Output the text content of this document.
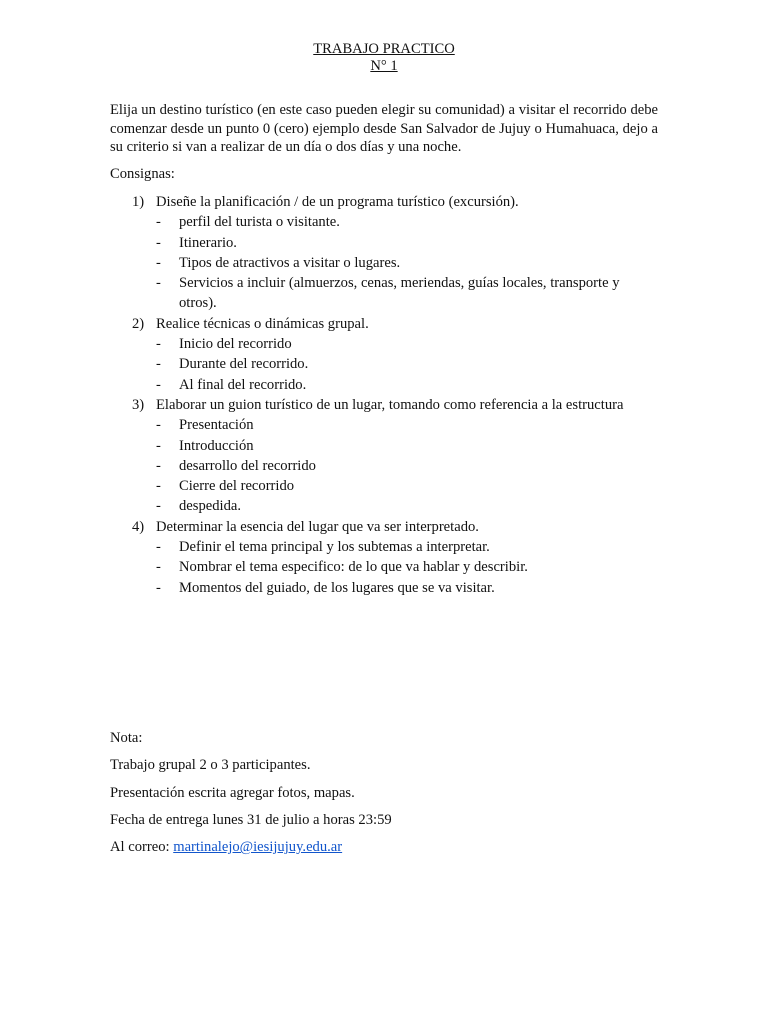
TRABAJO PRACTICO
N° 1
Elija un destino turístico (en este caso pueden elegir su comunidad) a visitar el recorrido debe comenzar desde un punto 0 (cero) ejemplo desde San Salvador de Jujuy o Humahuaca, dejo a su criterio si van a realizar de un día o dos días y una noche.
Consignas:
1) Diseñe la planificación / de un programa turístico (excursión).
-	perfil del turista o visitante.
-	Itinerario.
-	Tipos de atractivos a visitar o lugares.
-	Servicios a incluir (almuerzos, cenas, meriendas, guías locales, transporte y otros).
2) Realice técnicas o dinámicas grupal.
-	Inicio del recorrido
-	Durante del recorrido.
-	Al final del recorrido.
3) Elaborar un guion turístico de un lugar, tomando como referencia a la estructura
-	Presentación
-	Introducción
-	desarrollo del recorrido
-	Cierre del recorrido
-	despedida.
4) Determinar la esencia del lugar que va ser interpretado.
-	Definir el tema principal y los subtemas a interpretar.
-	Nombrar el tema especifico: de lo que va hablar y describir.
-	Momentos del guiado, de los lugares que se va visitar.
Nota:
Trabajo grupal 2 o 3 participantes.
Presentación escrita agregar fotos, mapas.
Fecha de entrega lunes 31 de julio a horas 23:59
Al correo: martinalejo@iesijujuy.edu.ar
